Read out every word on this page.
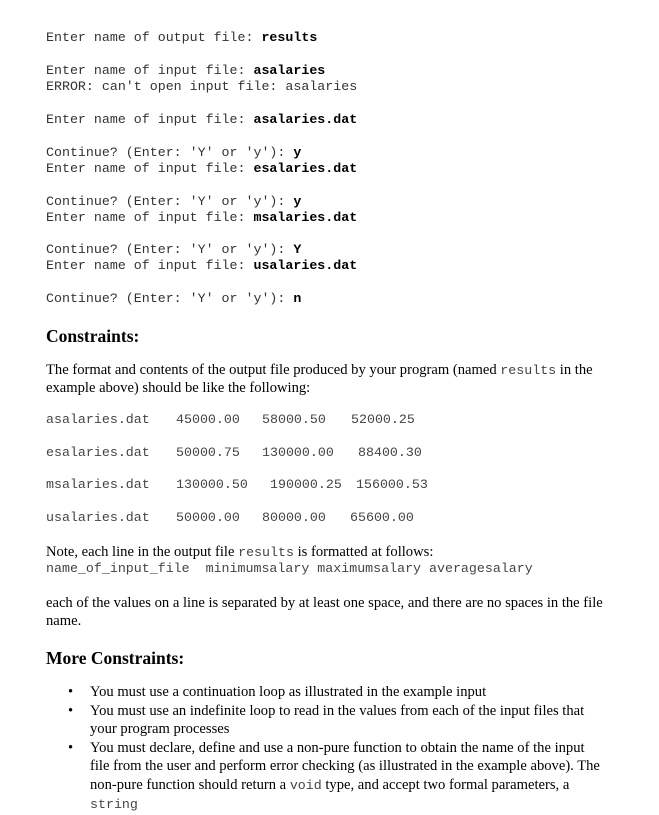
Enter name of output file: results
Enter name of input file: asalaries
ERROR: can't open input file: asalaries
Enter name of input file: asalaries.dat
Continue? (Enter: 'Y' or 'y'): y
Enter name of input file: esalaries.dat
Continue? (Enter: 'Y' or 'y'): y
Enter name of input file: msalaries.dat
Continue? (Enter: 'Y' or 'y'): Y
Enter name of input file: usalaries.dat
Continue? (Enter: 'Y' or 'y'): n
Constraints:
The format and contents of the output file produced by your program (named results in the example above) should be like the following:
asalaries.dat 45000.00 58000.50 52000.25
esalaries.dat 50000.75 130000.00 88400.30
msalaries.dat 130000.50 190000.25 156000.53
usalaries.dat 50000.00 80000.00 65600.00
Note, each line in the output file results is formatted at follows:
name_of_input_file  minimumsalary maximumsalary averagesalary
each of the values on a line is separated by at least one space, and there are no spaces in the file name.
More Constraints:
• You must use a continuation loop as illustrated in the example input
• You must use an indefinite loop to read in the values from each of the input files that your program processes
• You must declare, define and use a non-pure function to obtain the name of the input file from the user and perform error checking (as illustrated in the example above). The non-pure function should return a void type, and accept two formal parameters, a string
